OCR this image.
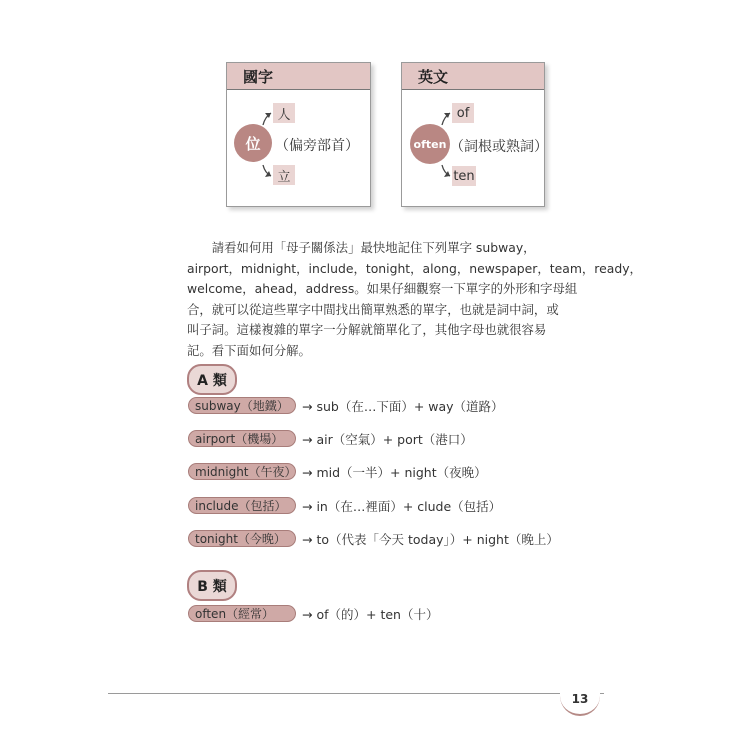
國字
位
人
立
（偏旁部首）
英文
often
of
ten
（詞根或熟詞）
　　請看如何用「母子關係法」最快地記住下列單字 subway，
airport，midnight，include，tonight，along，newspaper，team，ready，
welcome，ahead，address。如果仔細觀察一下單字的外形和字母組
合，就可以從這些單字中間找出簡單熟悉的單字，也就是詞中詞，或
叫子詞。這樣複雜的單字一分解就簡單化了，其他字母也就很容易
記。看下面如何分解。
A 類
subway（地鐵）	→ sub（在…下面）+ way（道路）
airport（機場）	→ air（空氣）+ port（港口）
midnight（午夜） → mid（一半）+ night（夜晚）
include（包括）	→ in（在…裡面）+ clude（包括）
tonight（今晚）	→ to（代表「今天 today」）+ night（晚上）
B 類
often（經常）	→ of（的）+ ten（十）
13
